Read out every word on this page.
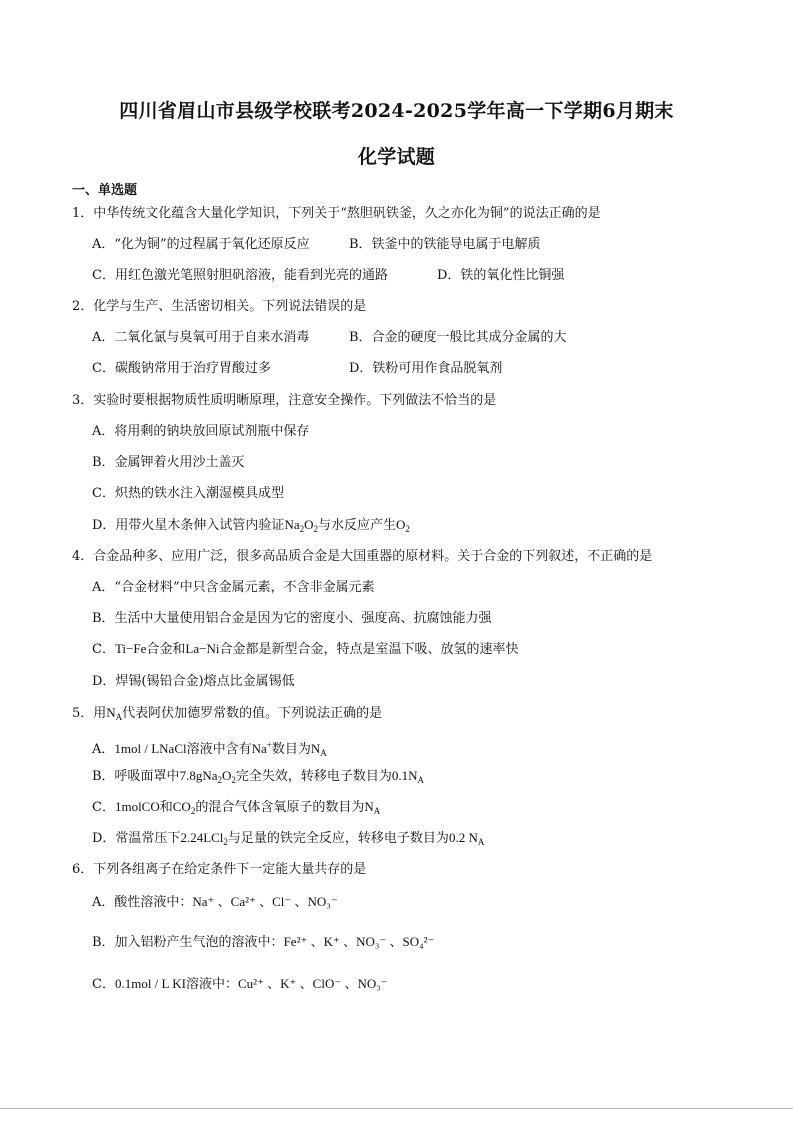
四川省眉山市县级学校联考2024-2025学年高一下学期6月期末
化学试题
一、单选题
1．中华传统文化蕴含大量化学知识，下列关于“熬胆矾铁釜，久之亦化为铜”的说法正确的是
A．“化为铜”的过程属于氧化还原反应	B．铁釜中的铁能导电属于电解质
C．用红色激光笔照射胆矾溶液，能看到光亮的通路	D．铁的氧化性比铜强
2．化学与生产、生活密切相关。下列说法错误的是
A．二氧化氯与臭氧可用于自来水消毒	B．合金的硬度一般比其成分金属的大
C．碳酸钠常用于治疗胃酸过多	D．铁粉可用作食品脱氧剂
3．实验时要根据物质性质明晰原理，注意安全操作。下列做法不恰当的是
A．将用剩的钠块放回原试剂瓶中保存
B．金属钾着火用沙土盖灭
C．炽热的铁水注入潮湿模具成型
D．用带火星木条伸入试管内验证$Na_2O_2$与水反应产生$O_2$
4．合金品种多、应用广泛，很多高品质合金是大国重器的原材料。关于合金的下列叙述，不正确的是
A．“合金材料”中只含金属元素，不含非金属元素
B．生活中大量使用铝合金是因为它的密度小、强度高、抗腐蚀能力强
C．Ti−Fe合金和La−Ni合金都是新型合金，特点是室温下吸、放氢的速率快
D．焊锡(锡铅合金)熔点比金属锡低
5．用$N_A$代表阿伏加德罗常数的值。下列说法正确的是
A．1mol / LNaCl溶液中含有Na+数目为$N_A$
B．呼吸面罩中$7.8gNa_2O_2$完全失效，转移电子数目为$0.1N_A$
C．1molCO和$CO_2$的混合气体含氧原子的数目为$N_A$
D．常温常压下2.24LCl$_2$与足量的铁完全反应，转移电子数目为0.2 $N_A$
6．下列各组离子在给定条件下一定能大量共存的是
A．酸性溶液中：Na⁺ 、Ca²⁺ 、Cl⁻ 、NO₃⁻
B．加入铝粉产生气泡的溶液中：Fe²⁺ 、K⁺ 、NO₃⁻ 、SO₄²⁻
C．0.1mol / L KI溶液中：Cu²⁺ 、K⁺ 、ClO⁻ 、NO₃⁻
